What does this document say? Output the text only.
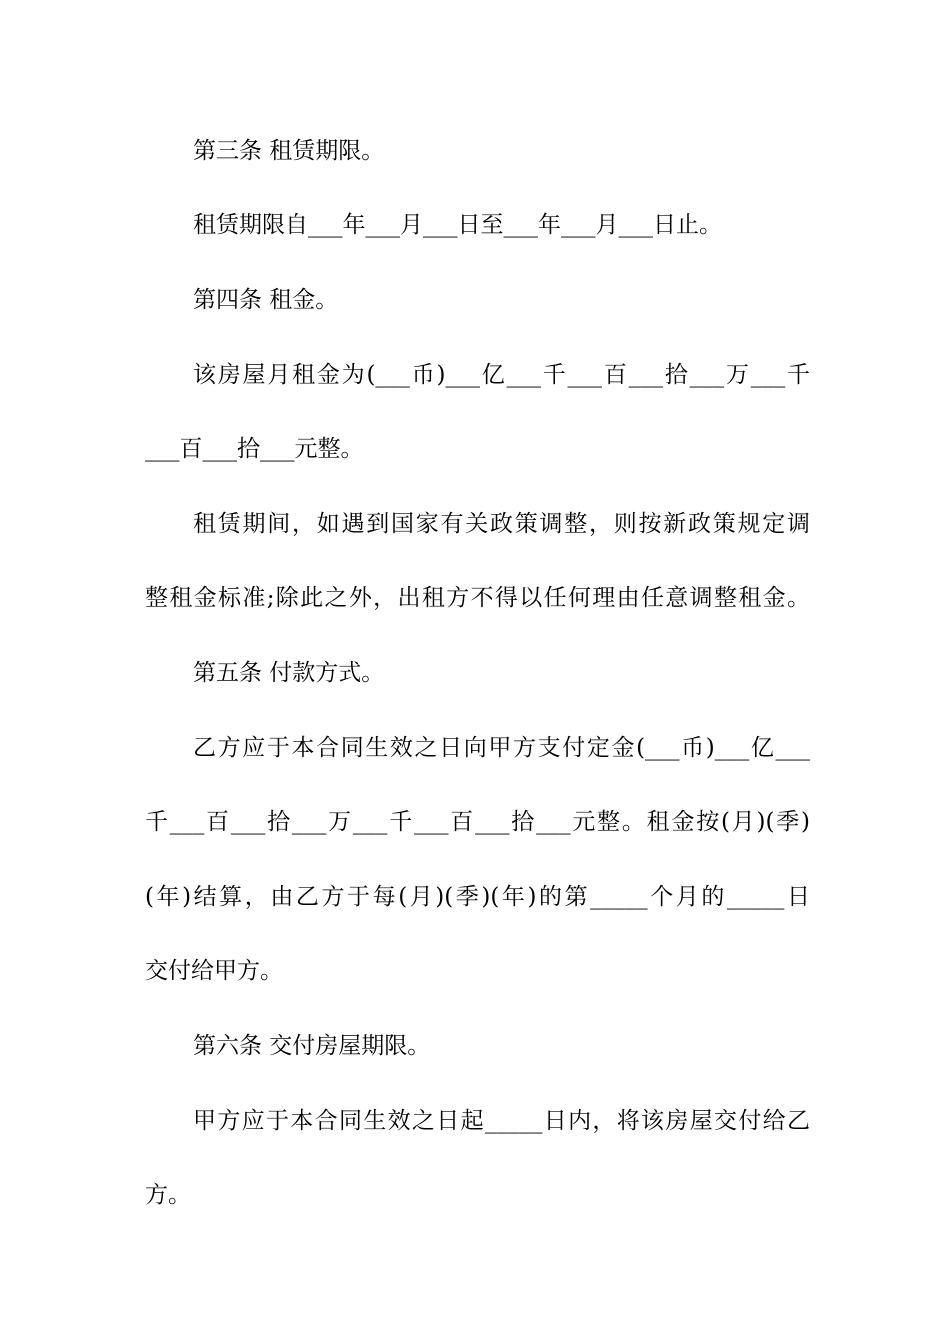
第三条 租赁期限。
租赁期限自___年___月___日至___年___月___日止。
第四条 租金。
该房屋月租金为(___币)___亿___千___百___拾___万___千
___百___拾___元整。
租赁期间，如遇到国家有关政策调整，则按新政策规定调
整租金标准;除此之外，出租方不得以任何理由任意调整租金。
第五条 付款方式。
乙方应于本合同生效之日向甲方支付定金(___币)___亿___
千___百___拾___万___千___百___拾___元整。租金按(月)(季)
(年)结算，由乙方于每(月)(季)(年)的第_____个月的_____日
交付给甲方。
第六条 交付房屋期限。
甲方应于本合同生效之日起_____日内，将该房屋交付给乙
方。
